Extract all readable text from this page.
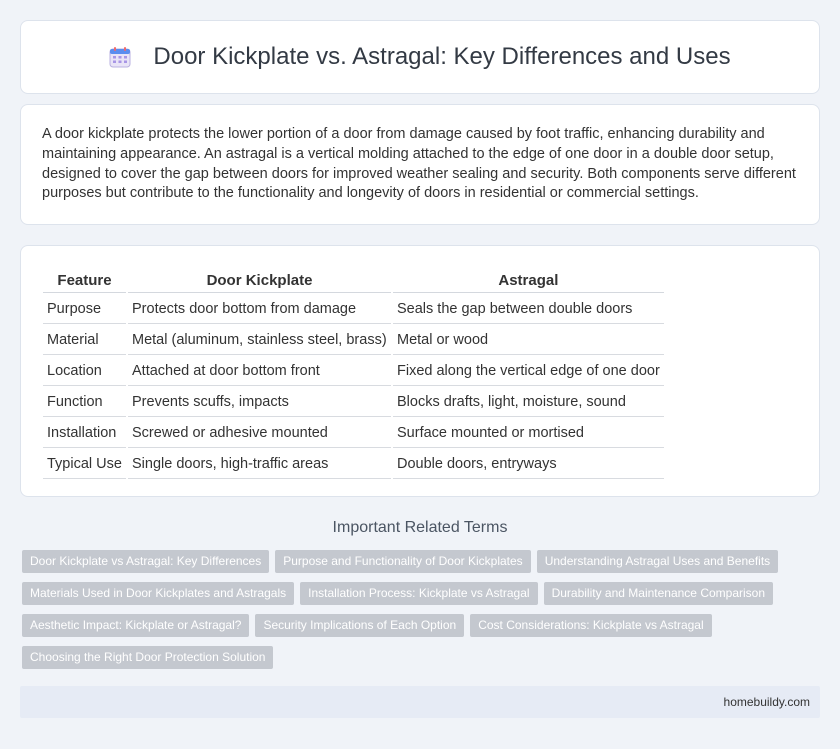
Door Kickplate vs. Astragal: Key Differences and Uses

A door kickplate protects the lower portion of a door from damage caused by foot traffic, enhancing durability and maintaining appearance. An astragal is a vertical molding attached to the edge of one door in a double door setup, designed to cover the gap between doors for improved weather sealing and security. Both components serve different purposes but contribute to the functionality and longevity of doors in residential or commercial settings.

Feature	Door Kickplate	Astragal
Purpose	Protects door bottom from damage	Seals the gap between double doors
Material	Metal (aluminum, stainless steel, brass)	Metal or wood
Location	Attached at door bottom front	Fixed along the vertical edge of one door
Function	Prevents scuffs, impacts	Blocks drafts, light, moisture, sound
Installation	Screwed or adhesive mounted	Surface mounted or mortised
Typical Use	Single doors, high-traffic areas	Double doors, entryways
Important Related Terms
Door Kickplate vs Astragal: Key Differences	Purpose and Functionality of Door Kickplates	Understanding Astragal Uses and Benefits
Materials Used in Door Kickplates and Astragals	Installation Process: Kickplate vs Astragal	Durability and Maintenance Comparison
Aesthetic Impact: Kickplate or Astragal?	Security Implications of Each Option	Cost Considerations: Kickplate vs Astragal
Choosing the Right Door Protection Solution
homebuildy.com
